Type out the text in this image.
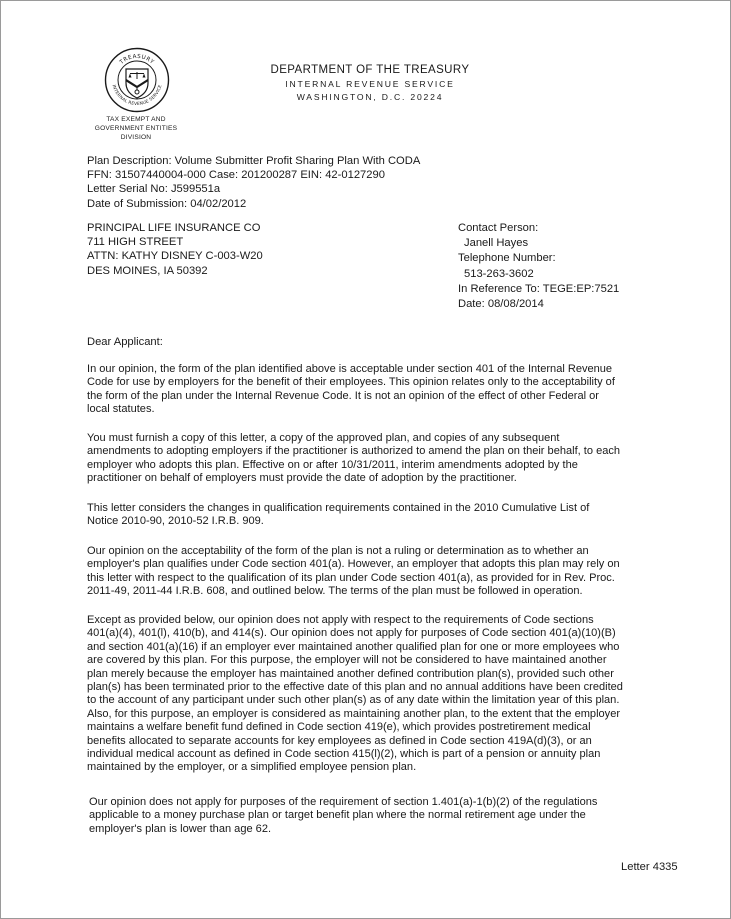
TREASURY
INTERNAL REVENUE SERVICE
TAX EXEMPT AND
GOVERNMENT ENTITIES
DIVISION
DEPARTMENT OF THE TREASURY
INTERNAL REVENUE SERVICE
WASHINGTON, D.C. 20224
Plan Description: Volume Submitter Profit Sharing Plan With CODA
FFN: 31507440004-000 Case: 201200287 EIN: 42-0127290
Letter Serial No: J599551a
Date of Submission: 04/02/2012
PRINCIPAL LIFE INSURANCE CO
711 HIGH STREET
ATTN: KATHY DISNEY C-003-W20
DES MOINES, IA 50392
Contact Person:
Janell Hayes
Telephone Number:
513-263-3602
In Reference To: TEGE:EP:7521
Date: 08/08/2014
Dear Applicant:
In our opinion, the form of the plan identified above is acceptable under section 401 of the Internal Revenue
Code for use by employers for the benefit of their employees. This opinion relates only to the acceptability of
the form of the plan under the Internal Revenue Code. It is not an opinion of the effect of other Federal or
local statutes.
You must furnish a copy of this letter, a copy of the approved plan, and copies of any subsequent
amendments to adopting employers if the practitioner is authorized to amend the plan on their behalf, to each
employer who adopts this plan. Effective on or after 10/31/2011, interim amendments adopted by the
practitioner on behalf of employers must provide the date of adoption by the practitioner.
This letter considers the changes in qualification requirements contained in the 2010 Cumulative List of
Notice 2010-90, 2010-52 I.R.B. 909.
Our opinion on the acceptability of the form of the plan is not a ruling or determination as to whether an
employer's plan qualifies under Code section 401(a). However, an employer that adopts this plan may rely on
this letter with respect to the qualification of its plan under Code section 401(a), as provided for in Rev. Proc.
2011-49, 2011-44 I.R.B. 608, and outlined below. The terms of the plan must be followed in operation.
Except as provided below, our opinion does not apply with respect to the requirements of Code sections
401(a)(4), 401(l), 410(b), and 414(s). Our opinion does not apply for purposes of Code section 401(a)(10)(B)
and section 401(a)(16) if an employer ever maintained another qualified plan for one or more employees who
are covered by this plan. For this purpose, the employer will not be considered to have maintained another
plan merely because the employer has maintained another defined contribution plan(s), provided such other
plan(s) has been terminated prior to the effective date of this plan and no annual additions have been credited
to the account of any participant under such other plan(s) as of any date within the limitation year of this plan.
Also, for this purpose, an employer is considered as maintaining another plan, to the extent that the employer
maintains a welfare benefit fund defined in Code section 419(e), which provides postretirement medical
benefits allocated to separate accounts for key employees as defined in Code section 419A(d)(3), or an
individual medical account as defined in Code section 415(l)(2), which is part of a pension or annuity plan
maintained by the employer, or a simplified employee pension plan.
Our opinion does not apply for purposes of the requirement of section 1.401(a)-1(b)(2) of the regulations
applicable to a money purchase plan or target benefit plan where the normal retirement age under the
employer's plan is lower than age 62.
Letter 4335
